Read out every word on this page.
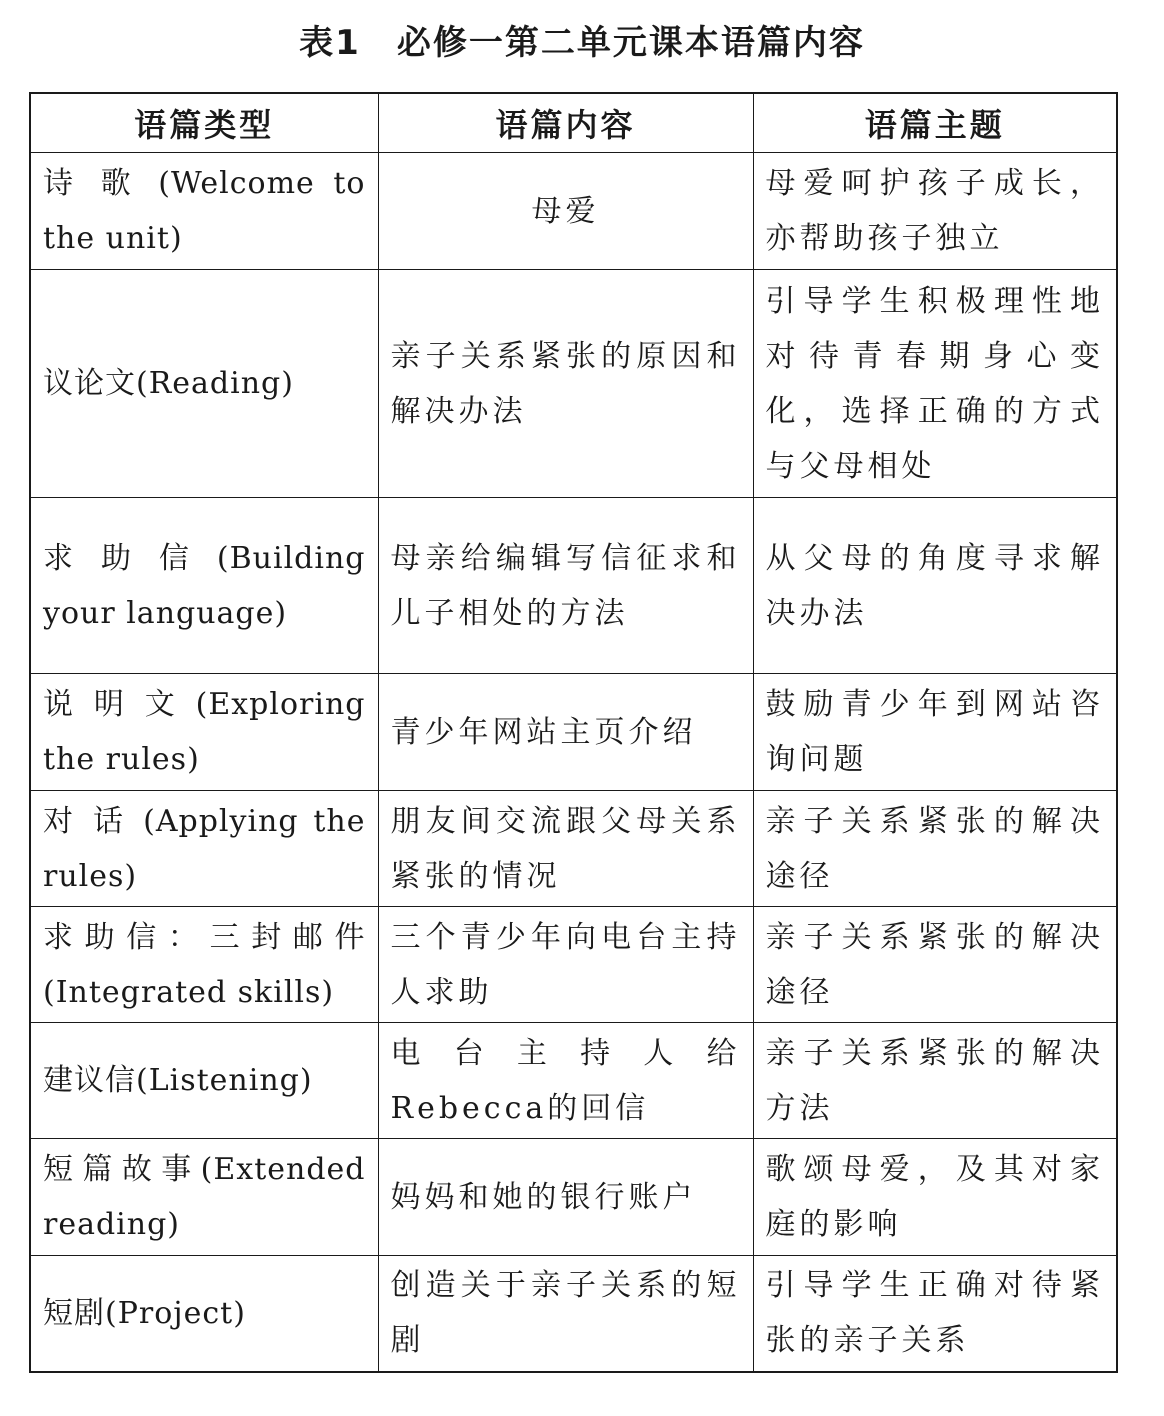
表1　必修一第二单元课本语篇内容
语篇类型	语篇内容	语篇主题
诗 歌 (Welcome to the unit)	母爱	母爱呵护孩子成长，亦帮助孩子独立
议论文(Reading)	亲子关系紧张的原因和解决办法	引导学生积极理性地对待青春期身心变化，选择正确的方式与父母相处
求 助 信 (Building your language)	母亲给编辑写信征求和儿子相处的方法	从父母的角度寻求解决办法
说 明 文 (Exploring the rules)	青少年网站主页介绍	鼓励青少年到网站咨询问题
对 话 (Applying the rules)	朋友间交流跟父母关系紧张的情况	亲子关系紧张的解决途径
求助信：三封邮件(Integrated skills)	三个青少年向电台主持人求助	亲子关系紧张的解决途径
建议信(Listening)	电 台 主 持 人 给 Rebecca的回信	亲子关系紧张的解决方法
短篇故事(Extended reading)	妈妈和她的银行账户	歌颂母爱，及其对家庭的影响
短剧(Project)	创造关于亲子关系的短剧	引导学生正确对待紧张的亲子关系
